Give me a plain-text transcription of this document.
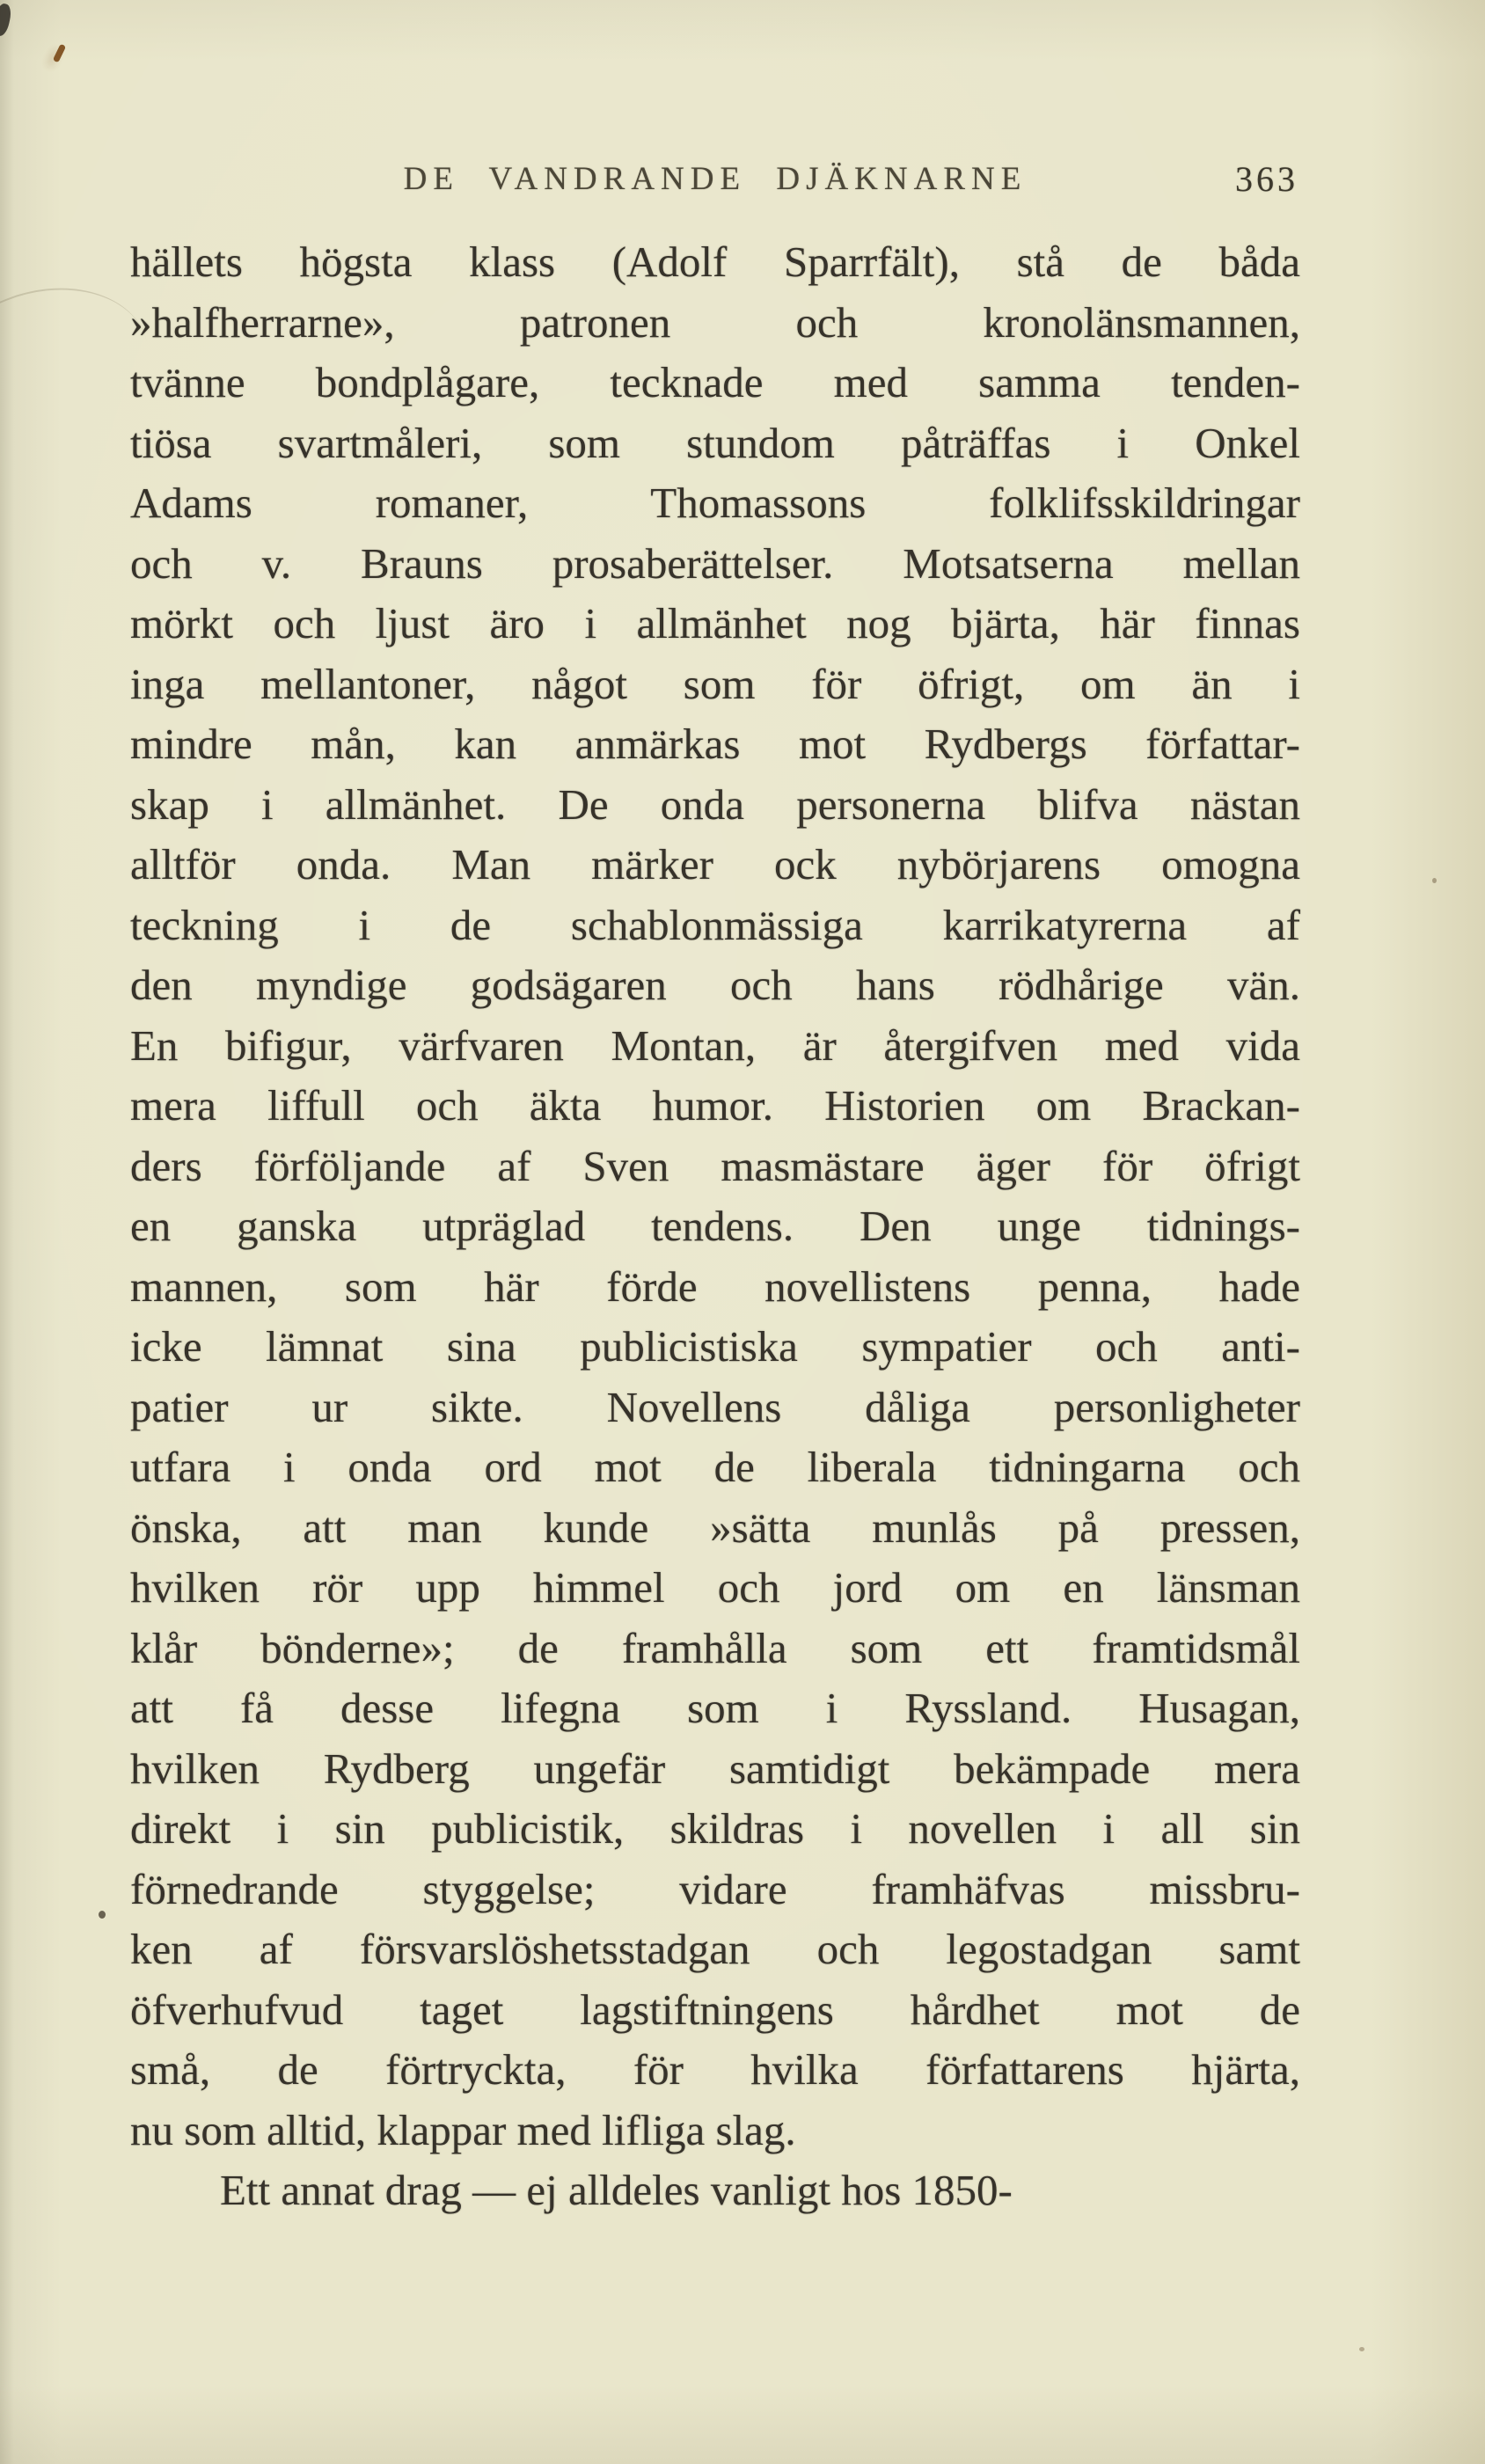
DE VANDRANDE DJÄKNARNE	363
hällets högsta klass (Adolf Sparrfält), stå de båda
»halfherrarne», patronen och kronolänsmannen,
tvänne bondplågare, tecknade med samma tenden-
tiösa svartmåleri, som stundom påträffas i Onkel
Adams romaner, Thomassons folklifsskildringar
och v. Brauns prosaberättelser. Motsatserna mellan
mörkt och ljust äro i allmänhet nog bjärta, här finnas
inga mellantoner, något som för öfrigt, om än i
mindre mån, kan anmärkas mot Rydbergs författar-
skap i allmänhet. De onda personerna blifva nästan
alltför onda. Man märker ock nybörjarens omogna
teckning i de schablonmässiga karrikatyrerna af
den myndige godsägaren och hans rödhårige vän.
En bifigur, värfvaren Montan, är återgifven med vida
mera liffull och äkta humor. Historien om Brackan-
ders förföljande af Sven masmästare äger för öfrigt
en ganska utpräglad tendens. Den unge tidnings-
mannen, som här förde novellistens penna, hade
icke lämnat sina publicistiska sympatier och anti-
patier ur sikte. Novellens dåliga personligheter
utfara i onda ord mot de liberala tidningarna och
önska, att man kunde »sätta munlås på pressen,
hvilken rör upp himmel och jord om en länsman
klår bönderne»; de framhålla som ett framtidsmål
att få desse lifegna som i Ryssland. Husagan,
hvilken Rydberg ungefär samtidigt bekämpade mera
direkt i sin publicistik, skildras i novellen i all sin
förnedrande styggelse; vidare framhäfvas missbru-
ken af försvarslöshetsstadgan och legostadgan samt
öfverhufvud taget lagstiftningens hårdhet mot de
små, de förtryckta, för hvilka författarens hjärta,
nu som alltid, klappar med lifliga slag.
Ett annat drag — ej alldeles vanligt hos 1850-
